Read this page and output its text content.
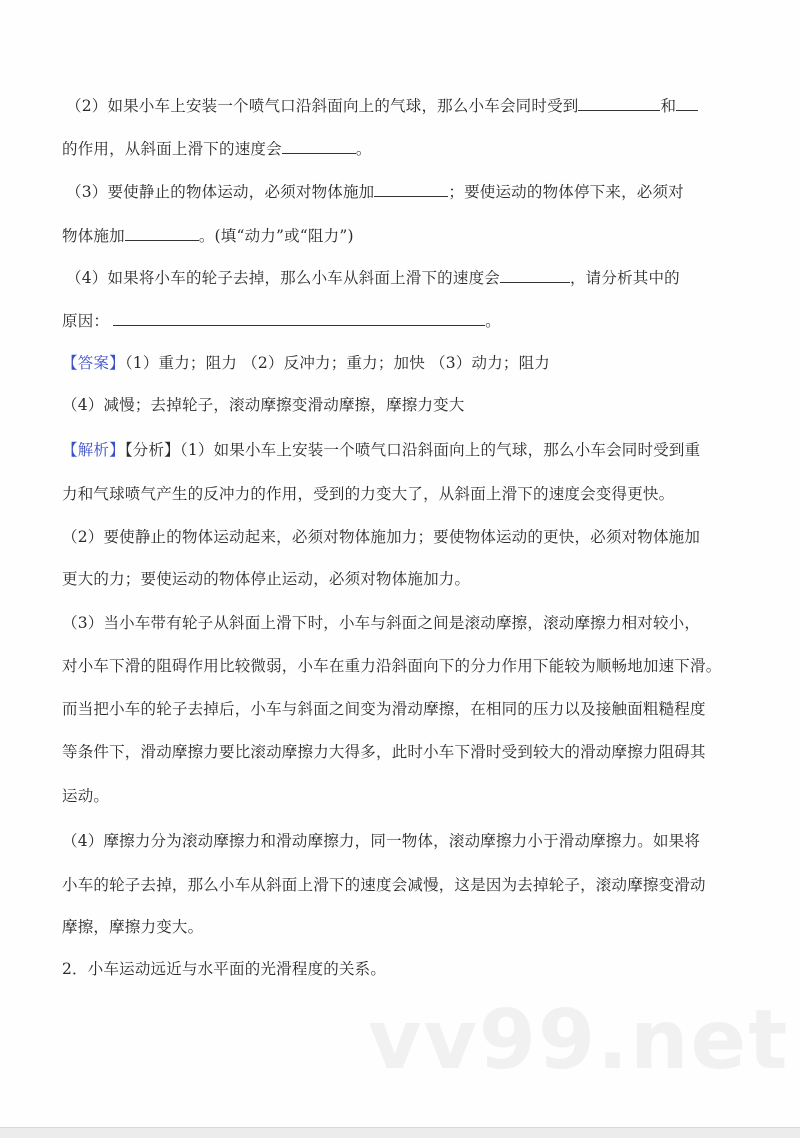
（2）如果小车上安装一个喷气口沿斜面向上的气球，那么小车会同时受到	和
的作用，从斜面上滑下的速度会	。
（3）要使静止的物体运动，必须对物体施加	；要使运动的物体停下来，必须对
物体施加	。(填“动力”或“阻力”)
（4）如果将小车的轮子去掉，那么小车从斜面上滑下的速度会	，请分析其中的
原因：	。
【答案】（1）重力；阻力 （2）反冲力；重力；加快 （3）动力；阻力
（4）减慢；去掉轮子，滚动摩擦变滑动摩擦，摩擦力变大
【解析】【分析】（1）如果小车上安装一个喷气口沿斜面向上的气球，那么小车会同时受到重
力和气球喷气产生的反冲力的作用，受到的力变大了，从斜面上滑下的速度会变得更快。
（2）要使静止的物体运动起来，必须对物体施加力；要使物体运动的更快，必须对物体施加
更大的力；要使运动的物体停止运动，必须对物体施加力。
（3）当小车带有轮子从斜面上滑下时，小车与斜面之间是滚动摩擦，滚动摩擦力相对较小，
对小车下滑的阻碍作用比较微弱，小车在重力沿斜面向下的分力作用下能较为顺畅地加速下滑。
而当把小车的轮子去掉后，小车与斜面之间变为滑动摩擦，在相同的压力以及接触面粗糙程度
等条件下，滑动摩擦力要比滚动摩擦力大得多，此时小车下滑时受到较大的滑动摩擦力阻碍其
运动。
（4）摩擦力分为滚动摩擦力和滑动摩擦力，同一物体，滚动摩擦力小于滑动摩擦力。如果将
小车的轮子去掉，那么小车从斜面上滑下的速度会减慢，这是因为去掉轮子，滚动摩擦变滑动
摩擦，摩擦力变大。
2．小车运动远近与水平面的光滑程度的关系。
vv99.net
